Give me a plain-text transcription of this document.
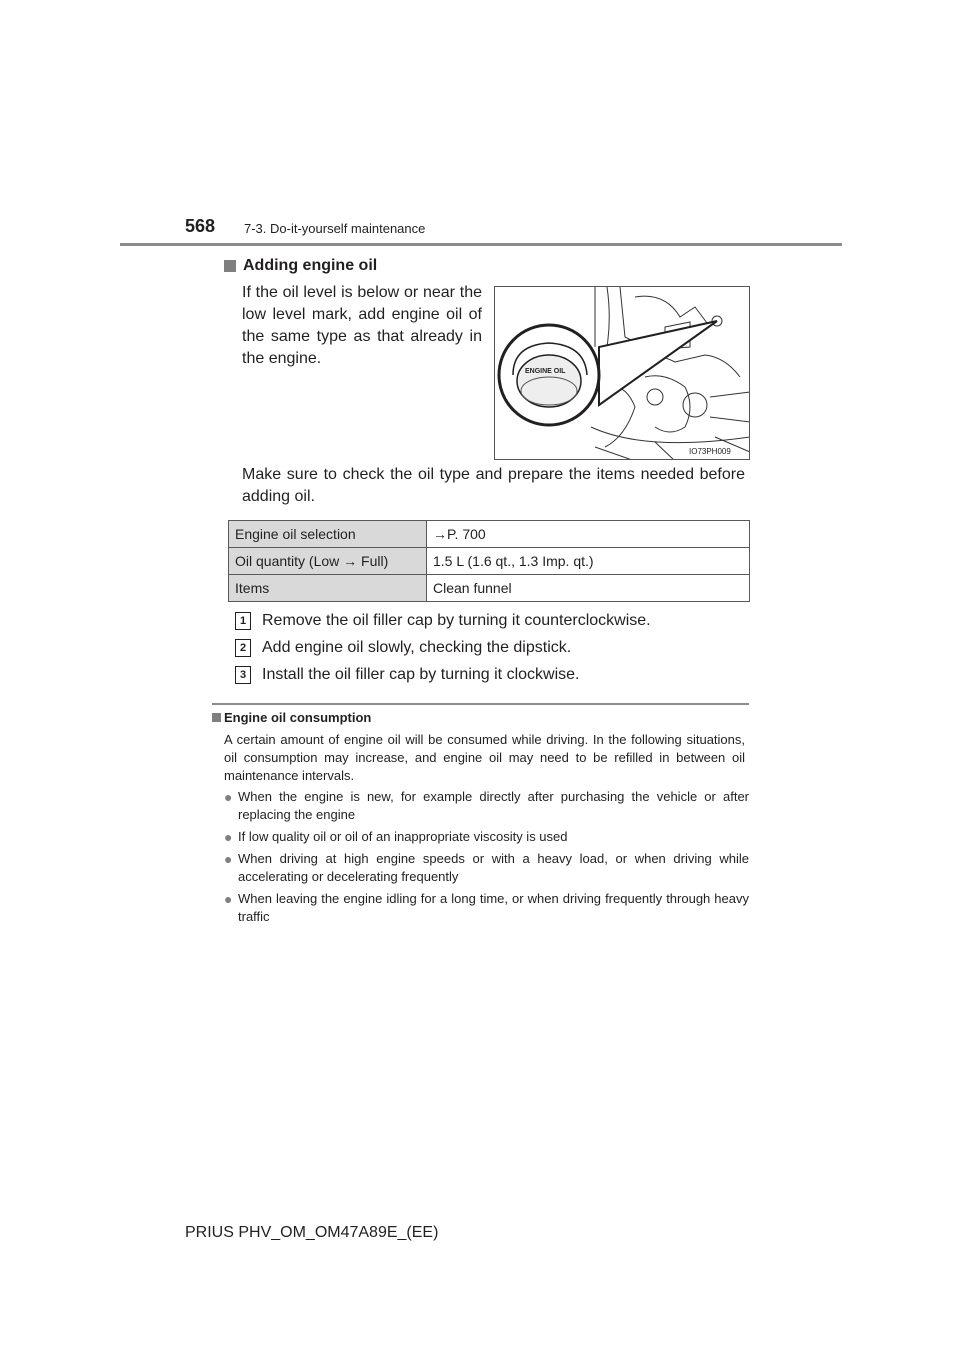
568 7-3. Do-it-yourself maintenance
Adding engine oil
If the oil level is below or near the low level mark, add engine oil of the same type as that already in the engine.
ENGINE OIL
IO73PH009
Make sure to check the oil type and prepare the items needed before adding oil.
Engine oil selection	→P. 700
Oil quantity (Low → Full)	1.5 L (1.6 qt., 1.3 Imp. qt.)
Items	Clean funnel
1 Remove the oil filler cap by turning it counterclockwise.
2 Add engine oil slowly, checking the dipstick.
3 Install the oil filler cap by turning it clockwise.
Engine oil consumption
A certain amount of engine oil will be consumed while driving. In the following situations, oil consumption may increase, and engine oil may need to be refilled in between oil maintenance intervals.
● When the engine is new, for example directly after purchasing the vehicle or after replacing the engine
● If low quality oil or oil of an inappropriate viscosity is used
● When driving at high engine speeds or with a heavy load, or when driving while accelerating or decelerating frequently
● When leaving the engine idling for a long time, or when driving frequently through heavy traffic
PRIUS PHV_OM_OM47A89E_(EE)
